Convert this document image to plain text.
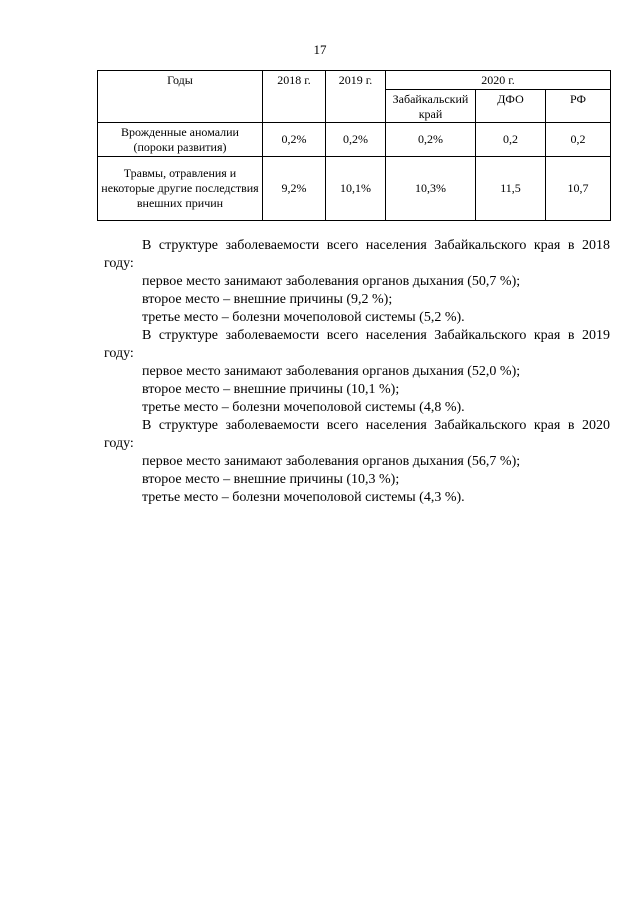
17
Годы	2018 г.	2019 г.	2020 г.		
			Забайкальский край	ДФО	РФ
Врожденные аномалии (пороки развития)	0,2%	0,2%	0,2%	0,2	0,2
Травмы, отравления и некоторые другие последствия внешних причин	9,2%	10,1%	10,3%	11,5	10,7

В структуре заболеваемости всего населения Забайкальского края в 2018 году:

первое место занимают заболевания органов дыхания (50,7 %);

второе место – внешние причины (9,2 %);

третье место – болезни мочеполовой системы (5,2 %).

В структуре заболеваемости всего населения Забайкальского края в 2019 году:

первое место занимают заболевания органов дыхания (52,0 %);

второе место – внешние причины (10,1 %);

третье место – болезни мочеполовой системы (4,8 %).

В структуре заболеваемости всего населения Забайкальского края в 2020 году:

первое место занимают заболевания органов дыхания (56,7 %);

второе место – внешние причины (10,3 %);

третье место – болезни мочеполовой системы (4,3 %).
